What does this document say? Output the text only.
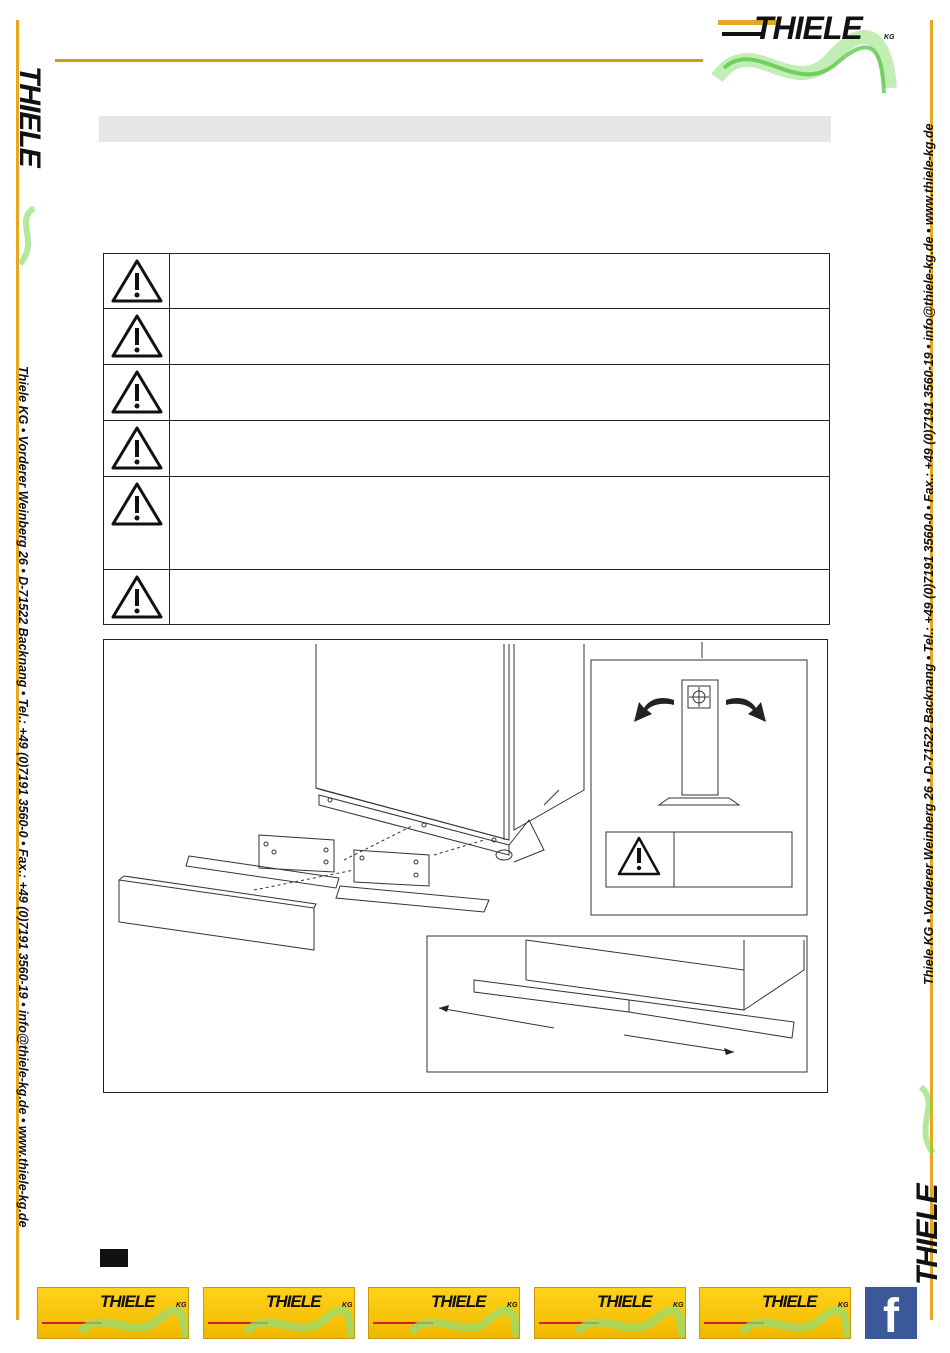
THIELE	KG
THIELE
THIELE
Thiele KG • Vorderer Weinberg 26 • D-71522 Backnang • Tel.: +49 (0)7191 3560-0 • Fax.: +49 (0)7191 3560-19 • info@thiele-kg.de • www.thiele-kg.de	Thiele KG • Vorderer Weinberg 26 • D-71522 Backnang • Tel.: +49 (0)7191 3560-0 • Fax.: +49 (0)7191 3560-19 • info@thiele-kg.de • www.thiele-kg.de
THIELE	KG	THIELE	KG	THIELE	KG	THIELE	KG	THIELE	KG f
